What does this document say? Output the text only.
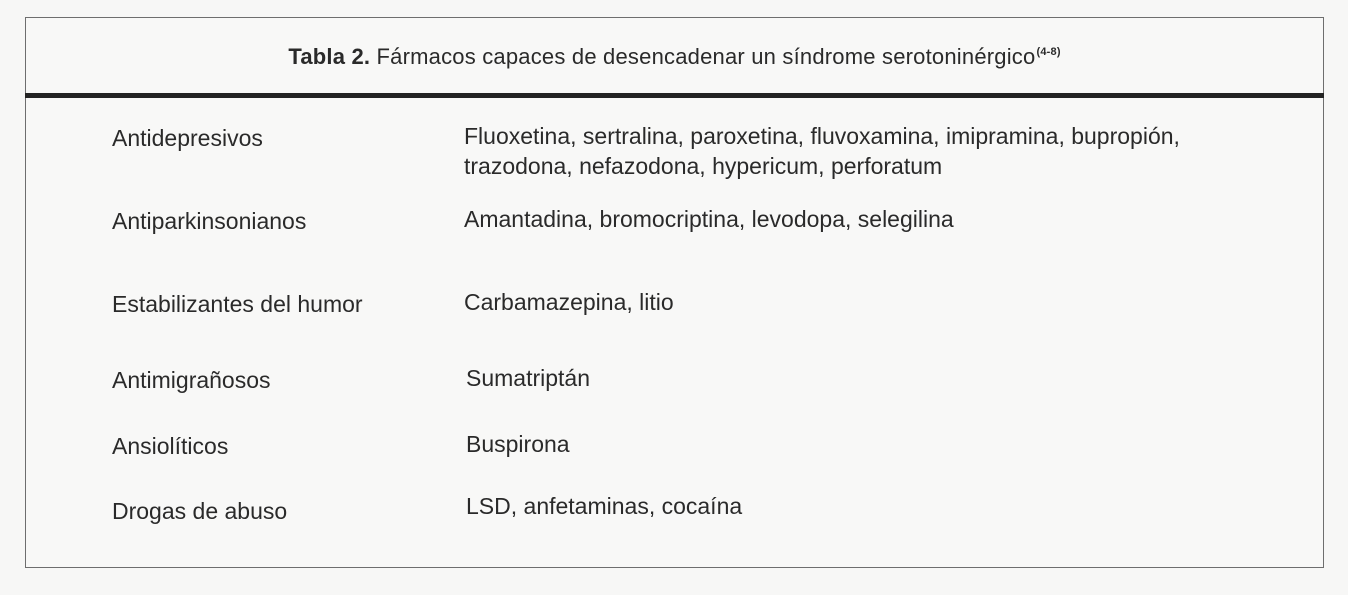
Tabla 2. Fármacos capaces de desencadenar un síndrome serotoninérgico$^{(4-8)}$
Antidepresivos	Fluoxetina, sertralina, paroxetina, fluvoxamina, imipramina, bupropión, trazodona, nefazodona, hypericum, perforatum
Antiparkinsonianos	Amantadina, bromocriptina, levodopa, selegilina
Estabilizantes del humor	Carbamazepina, litio
Antimigrañosos	Sumatriptán
Ansiolíticos	Buspirona
Drogas de abuso	LSD, anfetaminas, cocaína
